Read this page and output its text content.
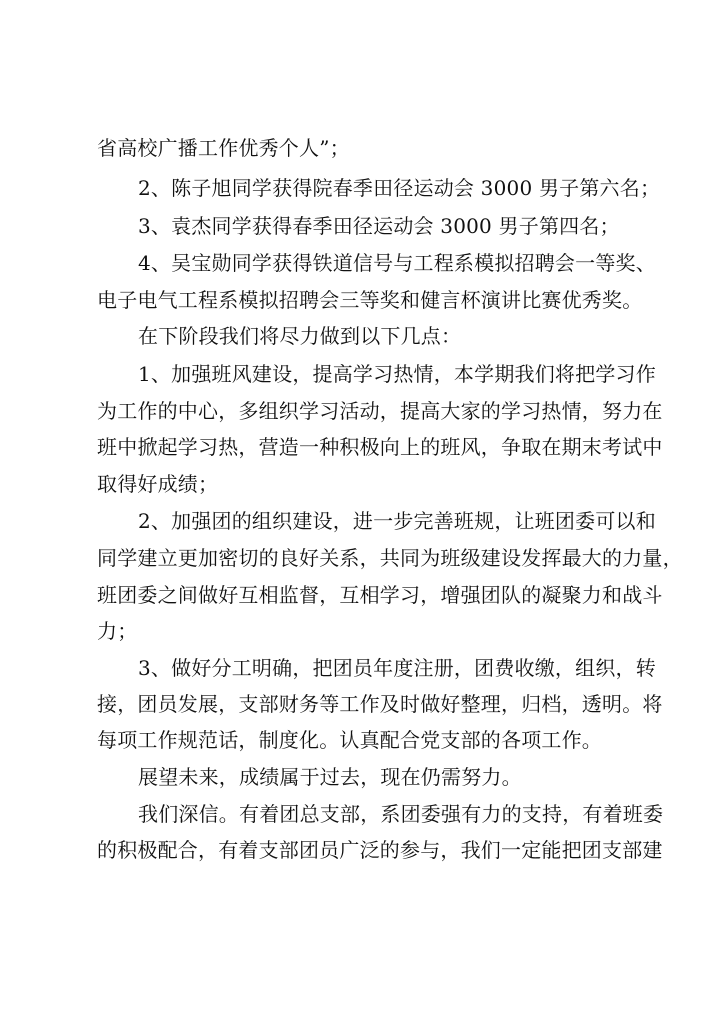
省高校广播工作优秀个人”；
2、陈子旭同学获得院春季田径运动会 3000 男子第六名；
3、袁杰同学获得春季田径运动会 3000 男子第四名；
4、吴宝勋同学获得铁道信号与工程系模拟招聘会一等奖、
电子电气工程系模拟招聘会三等奖和健言杯演讲比赛优秀奖。
在下阶段我们将尽力做到以下几点：
1、加强班风建设，提高学习热情，本学期我们将把学习作
为工作的中心，多组织学习活动，提高大家的学习热情，努力在
班中掀起学习热，营造一种积极向上的班风，争取在期末考试中
取得好成绩；
2、加强团的组织建设，进一步完善班规，让班团委可以和
同学建立更加密切的良好关系，共同为班级建设发挥最大的力量，
班团委之间做好互相监督，互相学习，增强团队的凝聚力和战斗
力；
3、做好分工明确，把团员年度注册，团费收缴，组织，转
接，团员发展，支部财务等工作及时做好整理，归档，透明。将
每项工作规范话，制度化。认真配合党支部的各项工作。
展望未来，成绩属于过去，现在仍需努力。
我们深信。有着团总支部，系团委强有力的支持，有着班委
的积极配合，有着支部团员广泛的参与，我们一定能把团支部建
